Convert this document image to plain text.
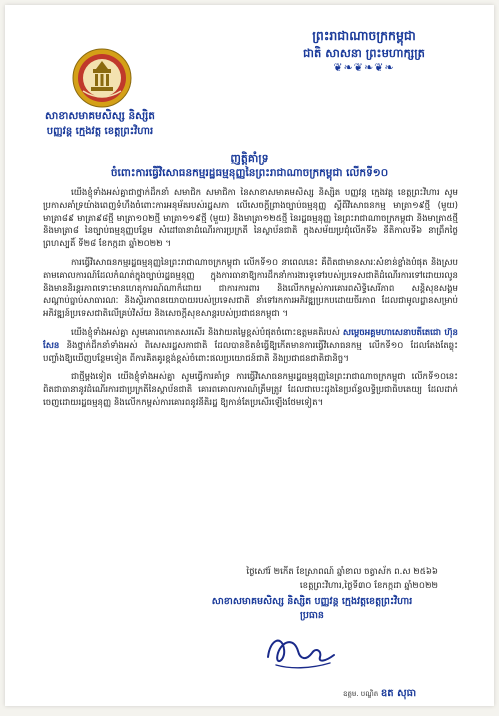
ព្រះរាជាណាចក្រកម្ពុជា
ជាតិ សាសនា ព្រះមហាក្សត្រ
❦❧❦❧❦❧
សាខាសមាគមសិស្ស និស្សិត
បញ្ញវន្ត ក្មេងវត្ត ខេត្តព្រះវិហារ
ញត្តិគាំទ្រ
ចំពោះការធ្វើវិសោធនកម្មរដ្ឋធម្មនុញ្ញនៃព្រះរាជាណាចក្រកម្ពុជា លើកទី១០

យើងខ្ញុំទាំងអស់គ្នាជាថ្នាក់ដឹកនាំ សមាជិក សមាជិកា នៃសាខាសមាគមសិស្ស និស្សិត បញ្ញវន្ត ក្មេងវត្ត ខេត្តព្រះវិហារ សូមប្រកាសគាំទ្រយ៉ាងពេញទំហឹងចំពោះការអនុម័តរបស់រដ្ឋសភា លើសេចក្តីព្រាងច្បាប់ធម្មនុញ្ញ ស្តីពីវិសោធនកម្ម មាត្រា១៩ថ្មី (មួយ) មាត្រា៨៩ មាត្រា៩៨ថ្មី មាត្រា១០២ថ្មី មាត្រា១១៩ថ្មី (មួយ) និងមាត្រា១២៥ថ្មី នៃរដ្ឋធម្មនុញ្ញ នៃព្រះរាជាណាចក្រកម្ពុជា និងមាត្រា៥ថ្មី និងមាត្រា៨ នៃច្បាប់ធម្មនុញ្ញបន្ថែម សំដៅធានាដំណើរការប្រក្រតី នៃស្ថាប័នជាតិ ក្នុងសម័យប្រជុំលើកទី៦ នីតិកាលទី៦ នាព្រឹកថ្ងៃព្រហស្បតិ៍ ទី២៨ ខែកក្កដា ឆ្នាំ២០២២ ។

ការធ្វើវិសោធនកម្មរដ្ឋធម្មនុញ្ញនៃព្រះរាជាណាចក្រកម្ពុជា លើកទី១០ នាពេលនេះ គឺពិតជាមានសារៈសំខាន់ខ្លាំងបំផុត និងស្របតាមគោលការណ៍ដែលកំណត់ក្នុងច្បាប់រដ្ឋធម្មនុញ្ញ ក្នុងការធានាឱ្យការដឹកនាំការងារទូទៅរបស់ប្រទេសជាតិដំណើរការទៅដោយរលូន និងមាននិរន្តរភាពទោះមានហេតុការណ៍ណាក៏ដោយ ជាការការពារ និងលើកកម្ពស់ការគោរពសិទ្ធិសេរីភាព សន្តិសុខសង្គម សណ្តាប់ធ្នាប់សាធារណៈ និងស្ថិរភាពនយោបាយរបស់ប្រទេសជាតិ នាំទៅរកការអភិវឌ្ឍប្រកបដោយចីរភាព ដែលជាមូលដ្ឋានសម្រាប់អភិវឌ្ឍន៍ប្រទេសជាតិលើគ្រប់វិស័យ និងសេចក្តីសុខសាន្តរបស់ប្រជាជនកម្ពុជា ។

យើងខ្ញុំទាំងអស់គ្នា សូមគោរពកោតសរសើរ និងវាយតម្លៃខ្ពស់បំផុតចំពោះឧត្តមគតិរបស់ សម្តេចអគ្គមហាសេនាបតីតេជោ ហ៊ុន សែន និងថ្នាក់ដឹកនាំទាំងអស់ ពិសេសរដ្ឋសភាជាតិ ដែលបានខិតខំធ្វើឱ្យកើតមានការធ្វើវិសោធនកម្ម លើកទី១០ ដែលតែងតែឆ្លុះបញ្ចាំងឱ្យឃើញបន្ថែមទៀត ពីការគិតគូរខ្ពង់ខ្ពស់ចំពោះផលប្រយោជន៍ជាតិ និងប្រជាជនជាតិជានិច្ច។

ជាថ្មីម្តងទៀត យើងខ្ញុំទាំងអស់គ្នា សូមធ្វើការគាំទ្រ ការធ្វើវិសោធនកម្មរដ្ឋធម្មនុញ្ញនៃព្រះរាជាណាចក្រកម្ពុជា លើកទី១០នេះ ពិតជាធានានូវដំណើរការជាប្រក្រតីនៃស្ថាប័នជាតិ គោរពគោលការណ៍ត្រឹមត្រូវ ដែលជាបេះដូងនៃប្រព័ន្ធលទ្ធិប្រជាធិបតេយ្យ ដែលដាក់ចេញដោយរដ្ឋធម្មនុញ្ញ និងលើកកម្ពស់ការគោរពនូវនីតិរដ្ឋ ឱ្យកាន់តែប្រសើរឡើងថែមទៀត។

ថ្ងៃសៅរ៍ ២កើត ខែស្រាពណ៍ ឆ្នាំខាល ចត្វាស័ក ព.ស ២៥៦៦
ខេត្តព្រះវិហារ,ថ្ងៃទី៣០ ខែកក្កដា ឆ្នាំ២០២២
សាខាសមាគមសិស្ស និស្សិត បញ្ញវន្ត ក្មេងវត្តខេត្តព្រះវិហារ
ប្រធាន
ឧត្តម. បណ្ឌិត ឧត សុធា
